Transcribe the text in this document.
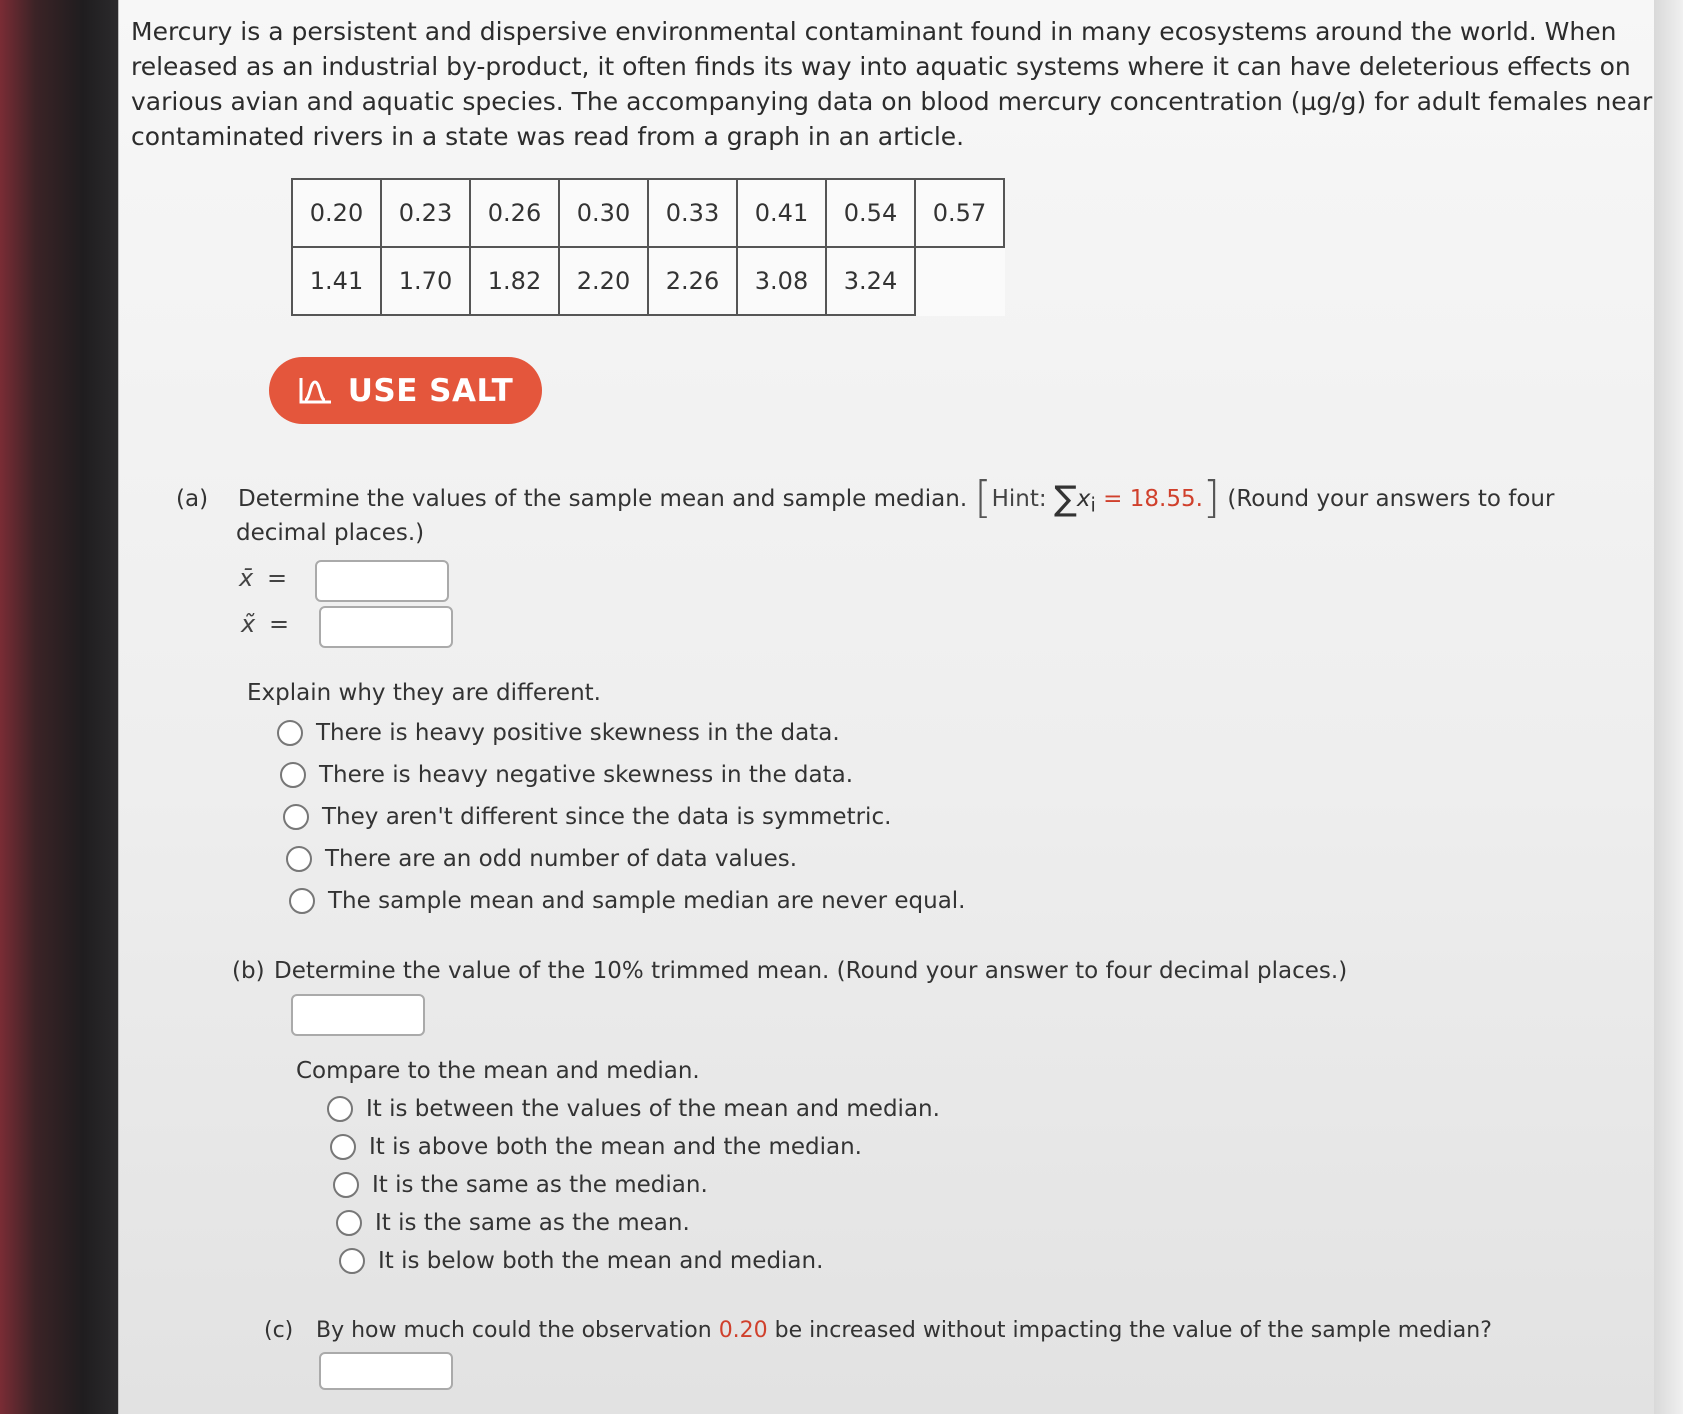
Mercury is a persistent and dispersive environmental contaminant found in many ecosystems around the world. When released as an industrial by-product, it often finds its way into aquatic systems where it can have deleterious effects on various avian and aquatic species. The accompanying data on blood mercury concentration (µg/g) for adult females near contaminated rivers in a state was read from a graph in an article.
0.20	0.23	0.26	0.30	0.33	0.41	0.54	0.57
1.41	1.70	1.82	2.20	2.26	3.08	3.24	
USE SALT
(a) Determine the values of the sample mean and sample median. [Hint: $\sum x_i = 18.55$.] (Round your answers to four
decimal places.)
x̄ =
x̃ =
Explain why they are different.
There is heavy positive skewness in the data.
There is heavy negative skewness in the data.
They aren't different since the data is symmetric.
There are an odd number of data values.
The sample mean and sample median are never equal.
(b) Determine the value of the 10% trimmed mean. (Round your answer to four decimal places.)
Compare to the mean and median.
It is between the values of the mean and median.
It is above both the mean and the median.
It is the same as the median.
It is the same as the mean.
It is below both the mean and median.
(c) By how much could the observation 0.20 be increased without impacting the value of the sample median?
